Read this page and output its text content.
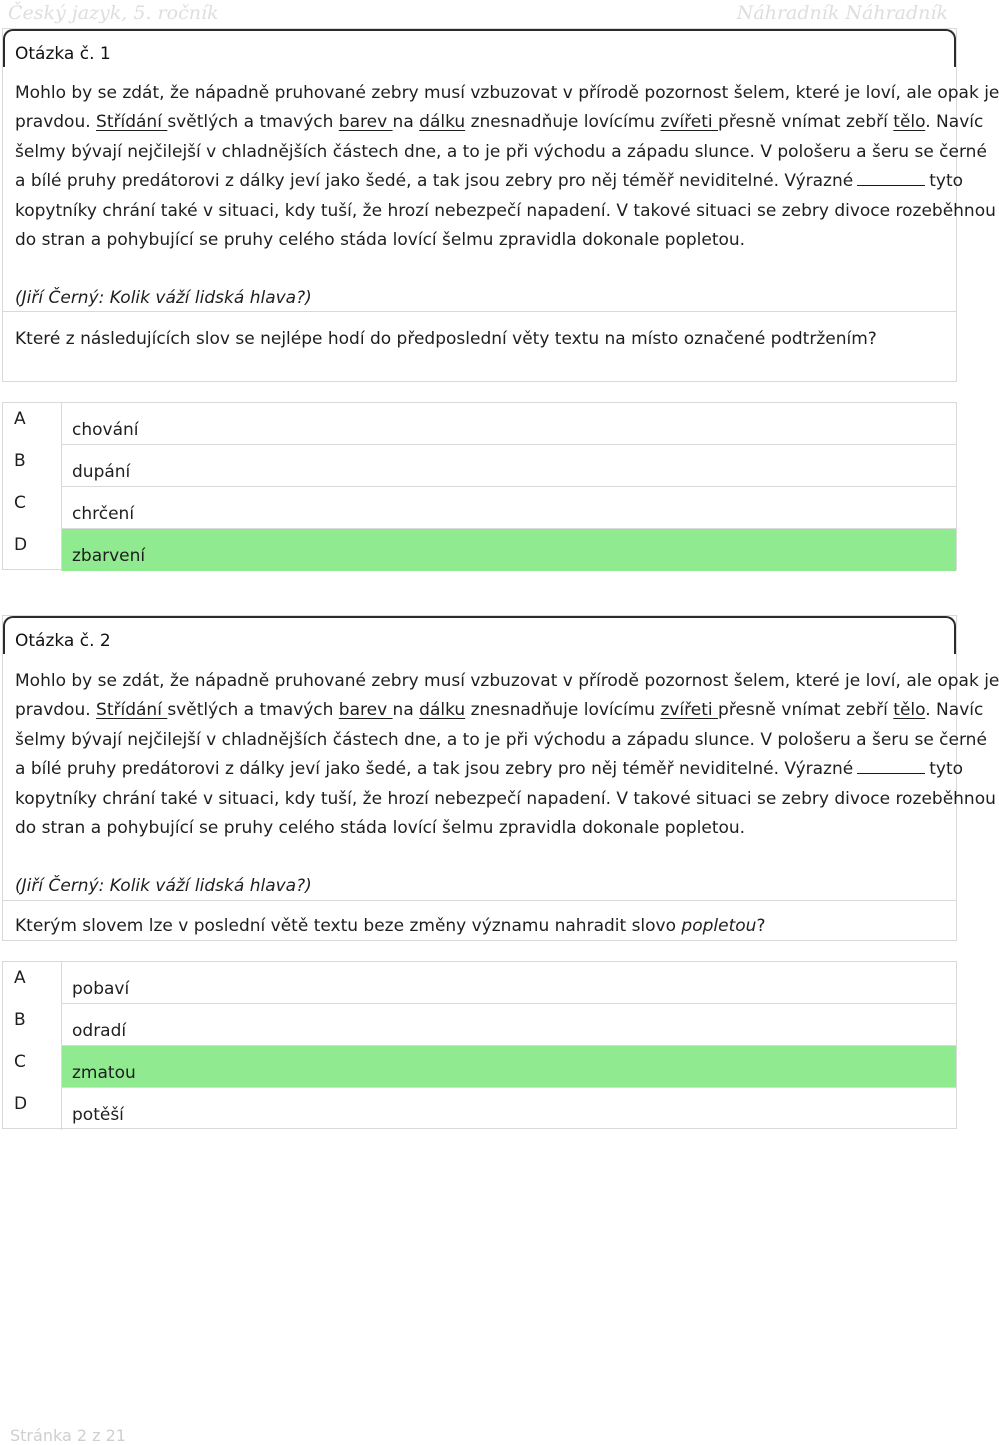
Český jazyk, 5. ročník	Náhradník Náhradník
Otázka č. 1
Mohlo by se zdát, že nápadně pruhované zebry musí vzbuzovat v přírodě pozornost šelem, které je loví, ale opak je
pravdou. Střídání světlých a tmavých barev na dálku znesnadňuje lovícímu zvířeti přesně vnímat zebří tělo. Navíc
šelmy bývají nejčilejší v chladnějších částech dne, a to je při východu a západu slunce. V pološeru a šeru se černé
a bílé pruhy predátorovi z dálky jeví jako šedé, a tak jsou zebry pro něj téměř neviditelné. Výrazné	tyto
kopytníky chrání také v situaci, kdy tuší, že hrozí nebezpečí napadení. V takové situaci se zebry divoce rozeběhnou
do stran a pohybující se pruhy celého stáda lovící šelmu zpravidla dokonale popletou.
(Jiří Černý: Kolik váží lidská hlava?)
Které z následujících slov se nejlépe hodí do předposlední věty textu na místo označené podtržením?
A
chování
B
dupání
C
chrčení
D
zbarvení
Otázka č. 2
Mohlo by se zdát, že nápadně pruhované zebry musí vzbuzovat v přírodě pozornost šelem, které je loví, ale opak je
pravdou. Střídání světlých a tmavých barev na dálku znesnadňuje lovícímu zvířeti přesně vnímat zebří tělo. Navíc
šelmy bývají nejčilejší v chladnějších částech dne, a to je při východu a západu slunce. V pološeru a šeru se černé
a bílé pruhy predátorovi z dálky jeví jako šedé, a tak jsou zebry pro něj téměř neviditelné. Výrazné	tyto
kopytníky chrání také v situaci, kdy tuší, že hrozí nebezpečí napadení. V takové situaci se zebry divoce rozeběhnou
do stran a pohybující se pruhy celého stáda lovící šelmu zpravidla dokonale popletou.
(Jiří Černý: Kolik váží lidská hlava?)
Kterým slovem lze v poslední větě textu beze změny významu nahradit slovo popletou?
A
pobaví
B
odradí
C
zmatou
D
potěší
Stránka 2 z 21
